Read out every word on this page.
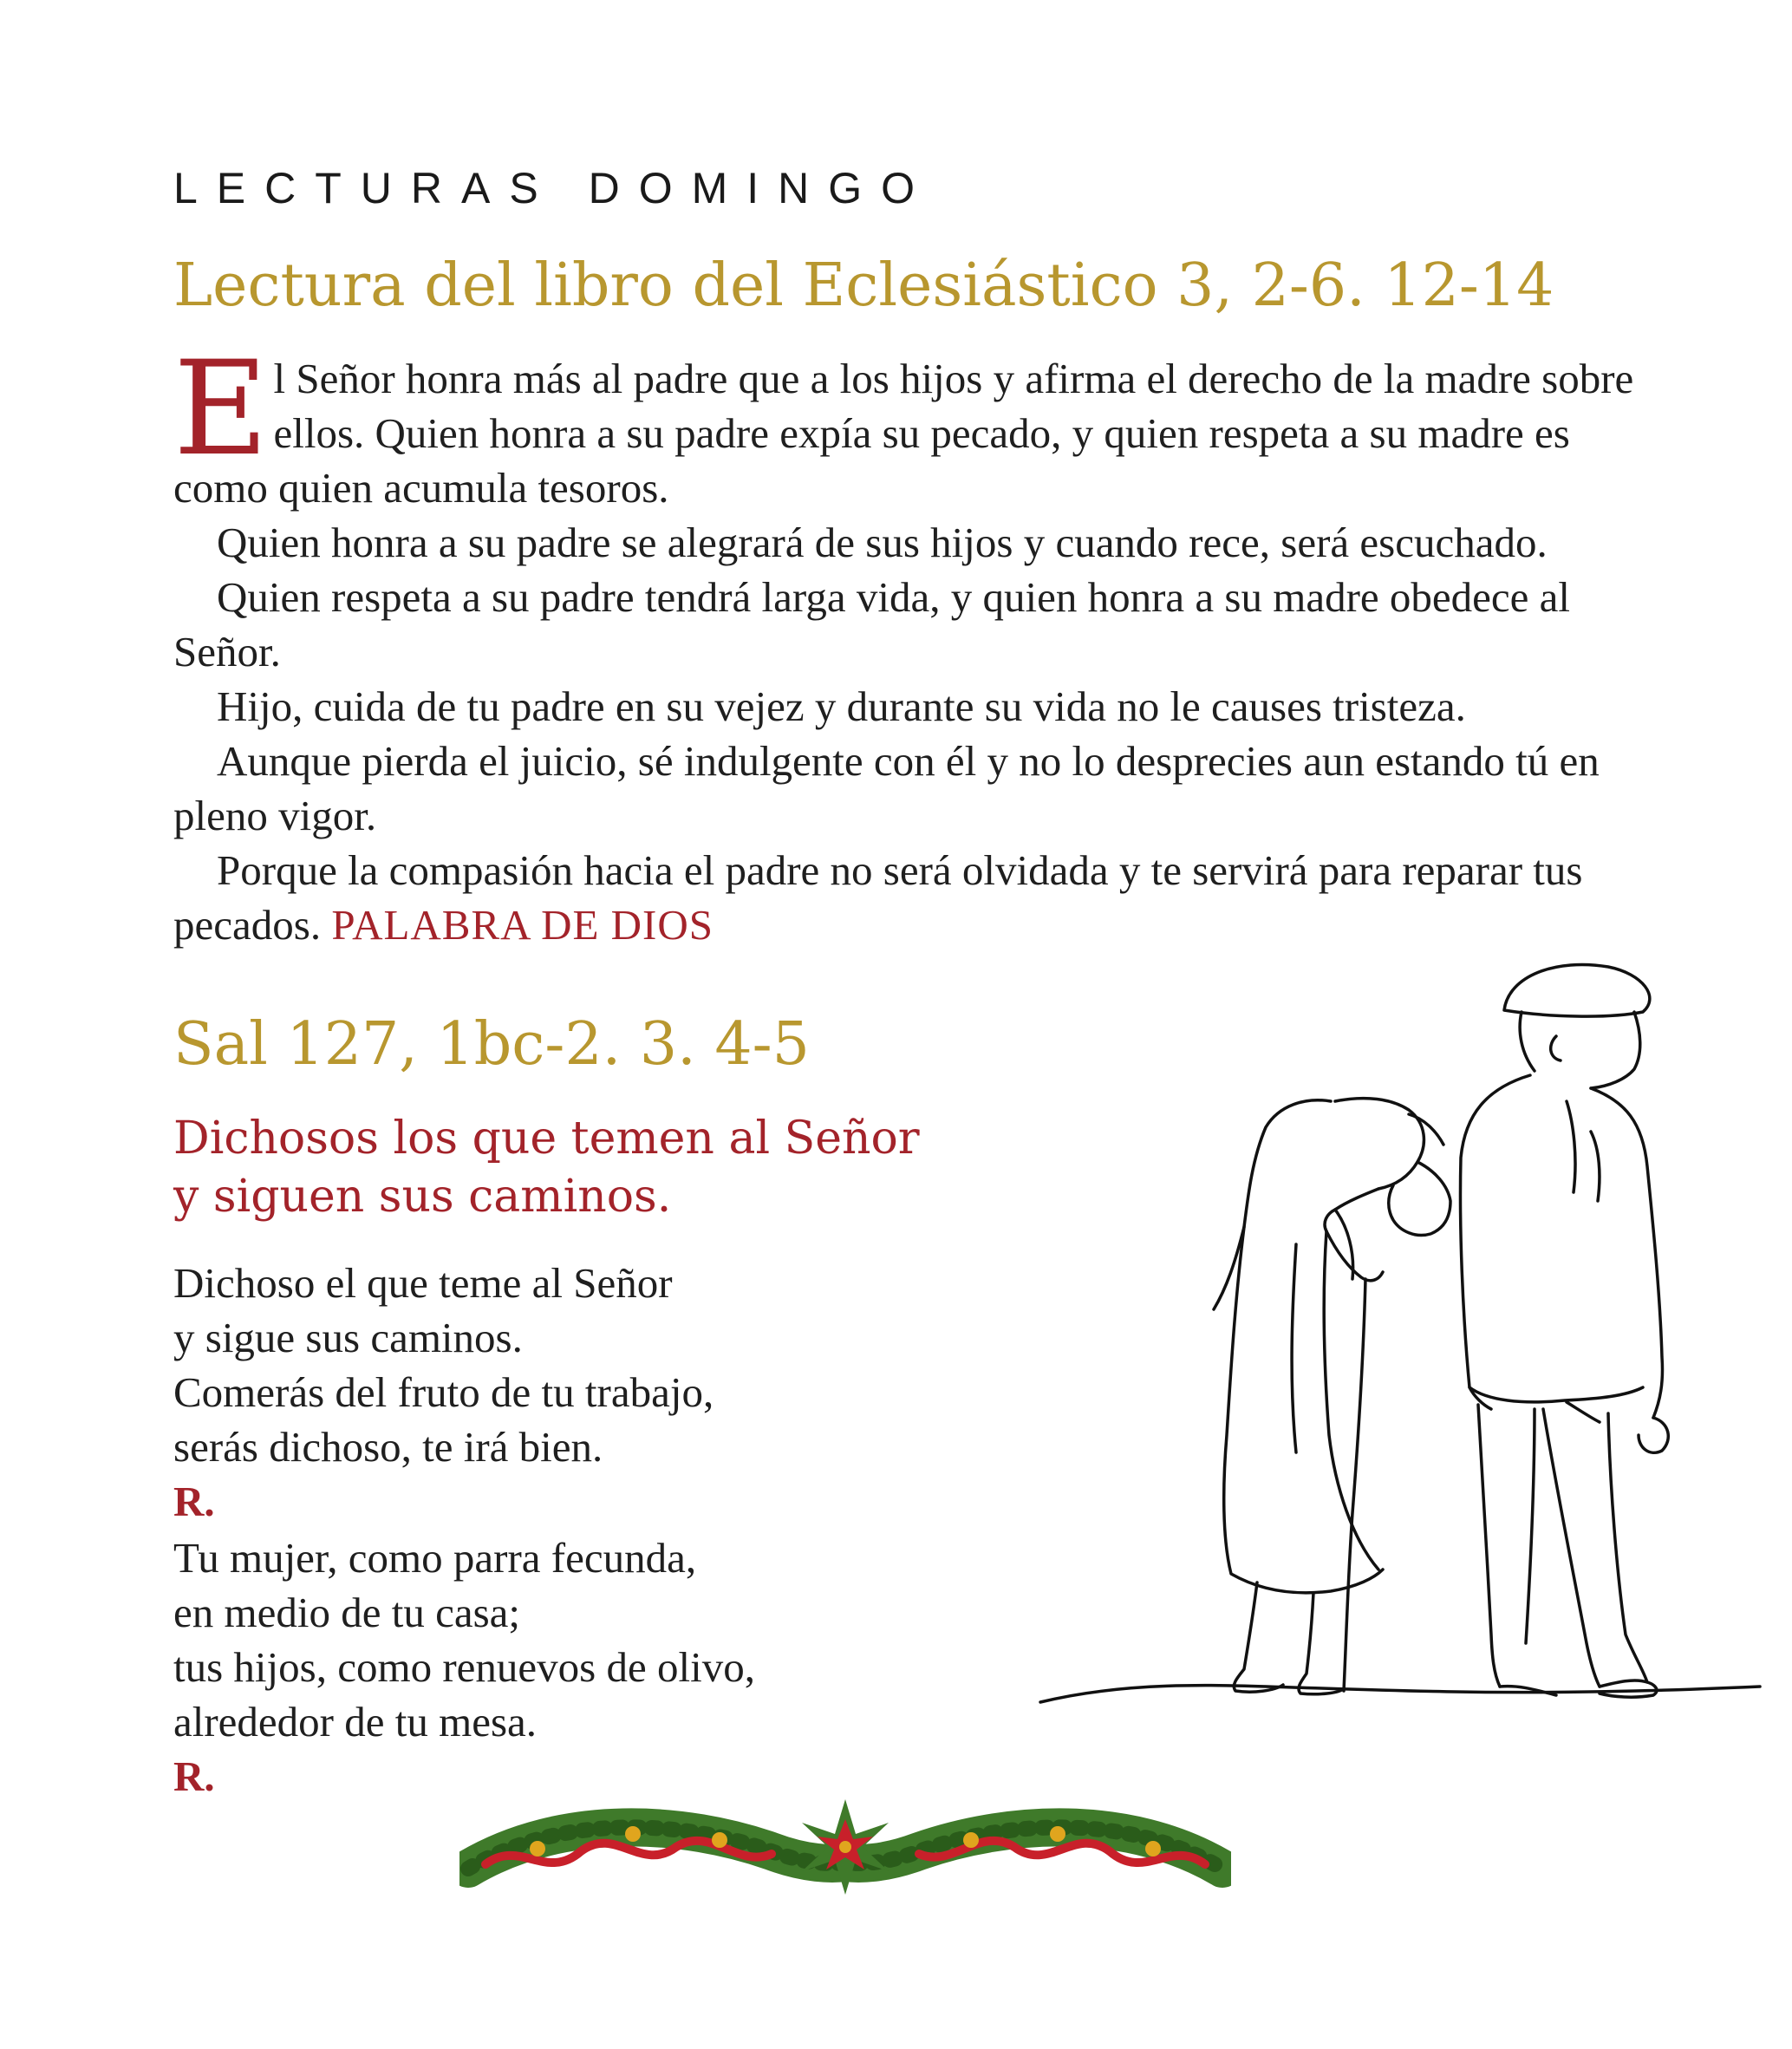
LECTURAS DOMINGO
Lectura del libro del Eclesiástico 3, 2-6. 12-14

El Señor honra más al padre que a los hijos y afirma el derecho de la madre sobre ellos. Quien honra a su padre expía su pecado, y quien respeta a su madre es como quien acumula tesoros.

Quien honra a su padre se alegrará de sus hijos y cuando rece, será escuchado.

Quien respeta a su padre tendrá larga vida, y quien honra a su madre obedece al Señor.

Hijo, cuida de tu padre en su vejez y durante su vida no le causes tristeza.

Aunque pierda el juicio, sé indulgente con él y no lo desprecies aun estando tú en pleno vigor.

Porque la compasión hacia el padre no será olvidada y te servirá para reparar tus pecados. PALABRA DE DIOS

Sal 127, 1bc-2. 3. 4-5
Dichosos los que temen al Señor
y siguen sus caminos.
Dichoso el que teme al Señor
y sigue sus caminos.
Comerás del fruto de tu trabajo,
serás dichoso, te irá bien.
R.
Tu mujer, como parra fecunda,
en medio de tu casa;
tus hijos, como renuevos de olivo,
alrededor de tu mesa.
R.
